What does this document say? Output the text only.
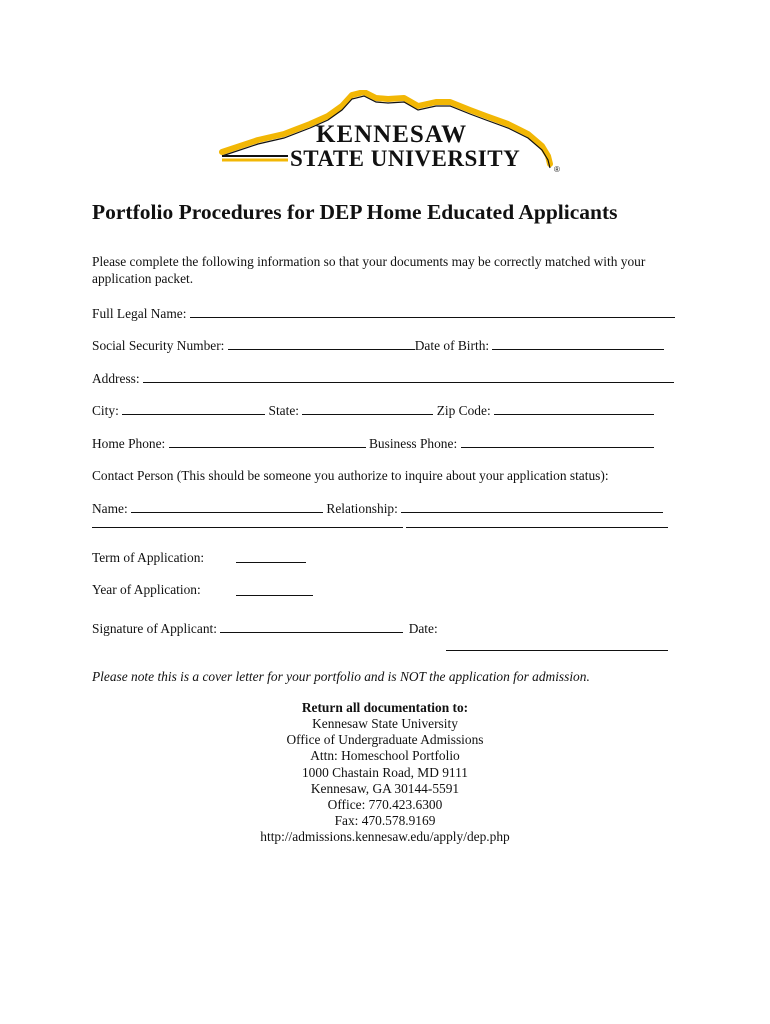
KENNESAW
STATE UNIVERSITY	®
Portfolio Procedures for DEP Home Educated Applicants
Please complete the following information so that your documents may be correctly matched with your application packet.
Full Legal Name:
Social Security Number:	Date of Birth:
Address:
City:	State:	Zip Code:
Home Phone:	Business Phone:
Contact Person (This should be someone you authorize to inquire about your application status):
Name:	Relationship:
Term of Application:
Year of Application:
Signature of Applicant:	Date:
Please note this is a cover letter for your portfolio and is NOT the application for admission.
Return all documentation to:
Kennesaw State University
Office of Undergraduate Admissions
Attn: Homeschool Portfolio
1000 Chastain Road, MD 9111
Kennesaw, GA 30144-5591
Office: 770.423.6300
Fax: 470.578.9169
http://admissions.kennesaw.edu/apply/dep.php
